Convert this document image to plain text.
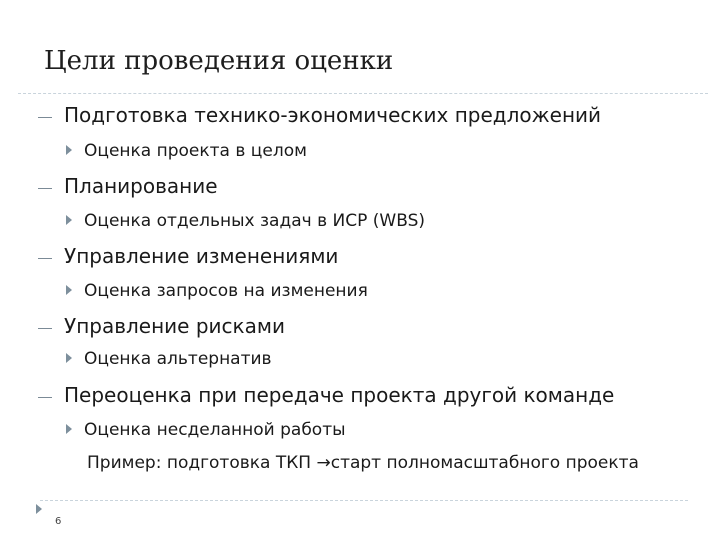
Цели проведения оценки
Подготовка технико-экономических предложений
Оценка проекта в целом
Планирование
Оценка отдельных задач в ИСР (WBS)
Управление изменениями
Оценка запросов на изменения
Управление рисками
Оценка альтернатив
Переоценка при передаче проекта другой команде
Оценка несделанной работы
Пример: подготовка ТКП →старт полномасштабного проекта
6
